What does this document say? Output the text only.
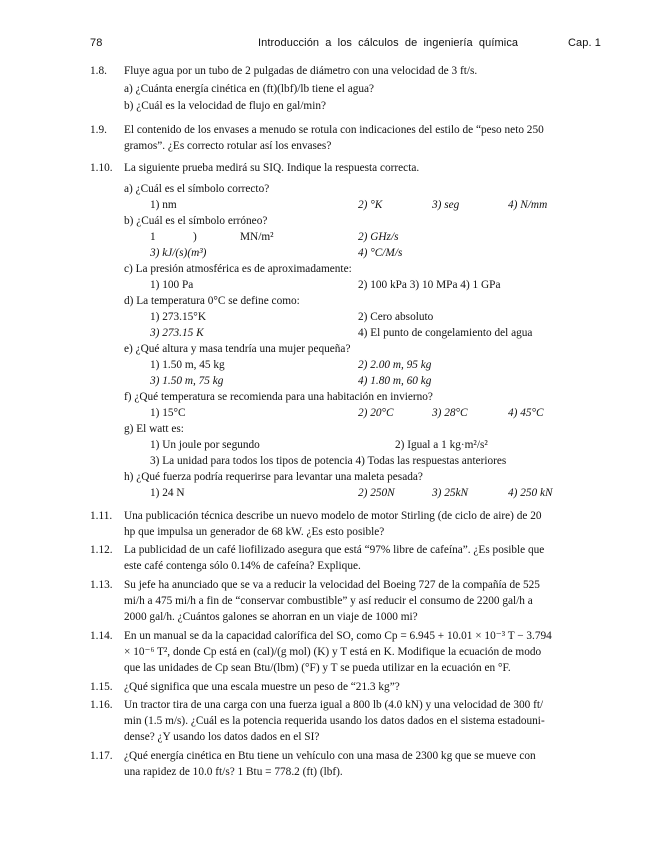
78	Introducción a los cálculos de ingeniería química	Cap. 1
1.8. Fluye agua por un tubo de 2 pulgadas de diámetro con una velocidad de 3 ft/s.
a) ¿Cuánta energía cinética en (ft)(lbf)/lb tiene el agua?
b) ¿Cuál es la velocidad de flujo en gal/min?
1.9. El contenido de los envases a menudo se rotula con indicaciones del estilo de “peso neto 250
gramos”. ¿Es correcto rotular así los envases?
1.10. La siguiente prueba medirá su SIQ. Indique la respuesta correcta.
a) ¿Cuál es el símbolo correcto?
1) nm	2) °K	3) seg	4) N/mm
b) ¿Cuál es el símbolo erróneo?
1	)	MN/m²	2) GHz/s
3) kJ/(s)(m³)	4) °C/M/s
c) La presión atmosférica es de aproximadamente:
1) 100 Pa	2) 100 kPa 3) 10 MPa 4) 1 GPa
d) La temperatura 0°C se define como:
1) 273.15°K	2) Cero absoluto
3) 273.15 K	4) El punto de congelamiento del agua
e) ¿Qué altura y masa tendría una mujer pequeña?
1) 1.50 m, 45 kg	2) 2.00 m, 95 kg
3) 1.50 m, 75 kg	4) 1.80 m, 60 kg
f) ¿Qué temperatura se recomienda para una habitación en invierno?
1) 15°C	2) 20°C	3) 28°C	4) 45°C
g) El watt es:
1) Un joule por segundo	2) Igual a 1 kg·m²/s²
3) La unidad para todos los tipos de potencia 4) Todas las respuestas anteriores
h) ¿Qué fuerza podría requerirse para levantar una maleta pesada?
1) 24 N	2) 250N	3) 25kN	4) 250 kN
1.11. Una publicación técnica describe un nuevo modelo de motor Stirling (de ciclo de aire) de 20
hp que impulsa un generador de 68 kW. ¿Es esto posible?
1.12. La publicidad de un café liofilizado asegura que está “97% libre de cafeína”. ¿Es posible que
este café contenga sólo 0.14% de cafeína? Explique.
1.13. Su jefe ha anunciado que se va a reducir la velocidad del Boeing 727 de la compañía de 525
mi/h a 475 mi/h a fin de “conservar combustible” y así reducir el consumo de 2200 gal/h a
2000 gal/h. ¿Cuántos galones se ahorran en un viaje de 1000 mi?
1.14. En un manual se da la capacidad calorífica del SO, como Cp = 6.945 + 10.01 × 10⁻³ T − 3.794
× 10⁻⁶ T², donde Cp está en (cal)/(g mol) (K) y T está en K. Modifique la ecuación de modo
que las unidades de Cp sean Btu/(lbm) (°F) y T se pueda utilizar en la ecuación en °F.
1.15. ¿Qué significa que una escala muestre un peso de “21.3 kg”?
1.16. Un tractor tira de una carga con una fuerza igual a 800 lb (4.0 kN) y una velocidad de 300 ft/
min (1.5 m/s). ¿Cuál es la potencia requerida usando los datos dados en el sistema estadouni-
dense? ¿Y usando los datos dados en el SI?
1.17. ¿Qué energía cinética en Btu tiene un vehículo con una masa de 2300 kg que se mueve con
una rapidez de 10.0 ft/s? 1 Btu = 778.2 (ft) (lbf).
